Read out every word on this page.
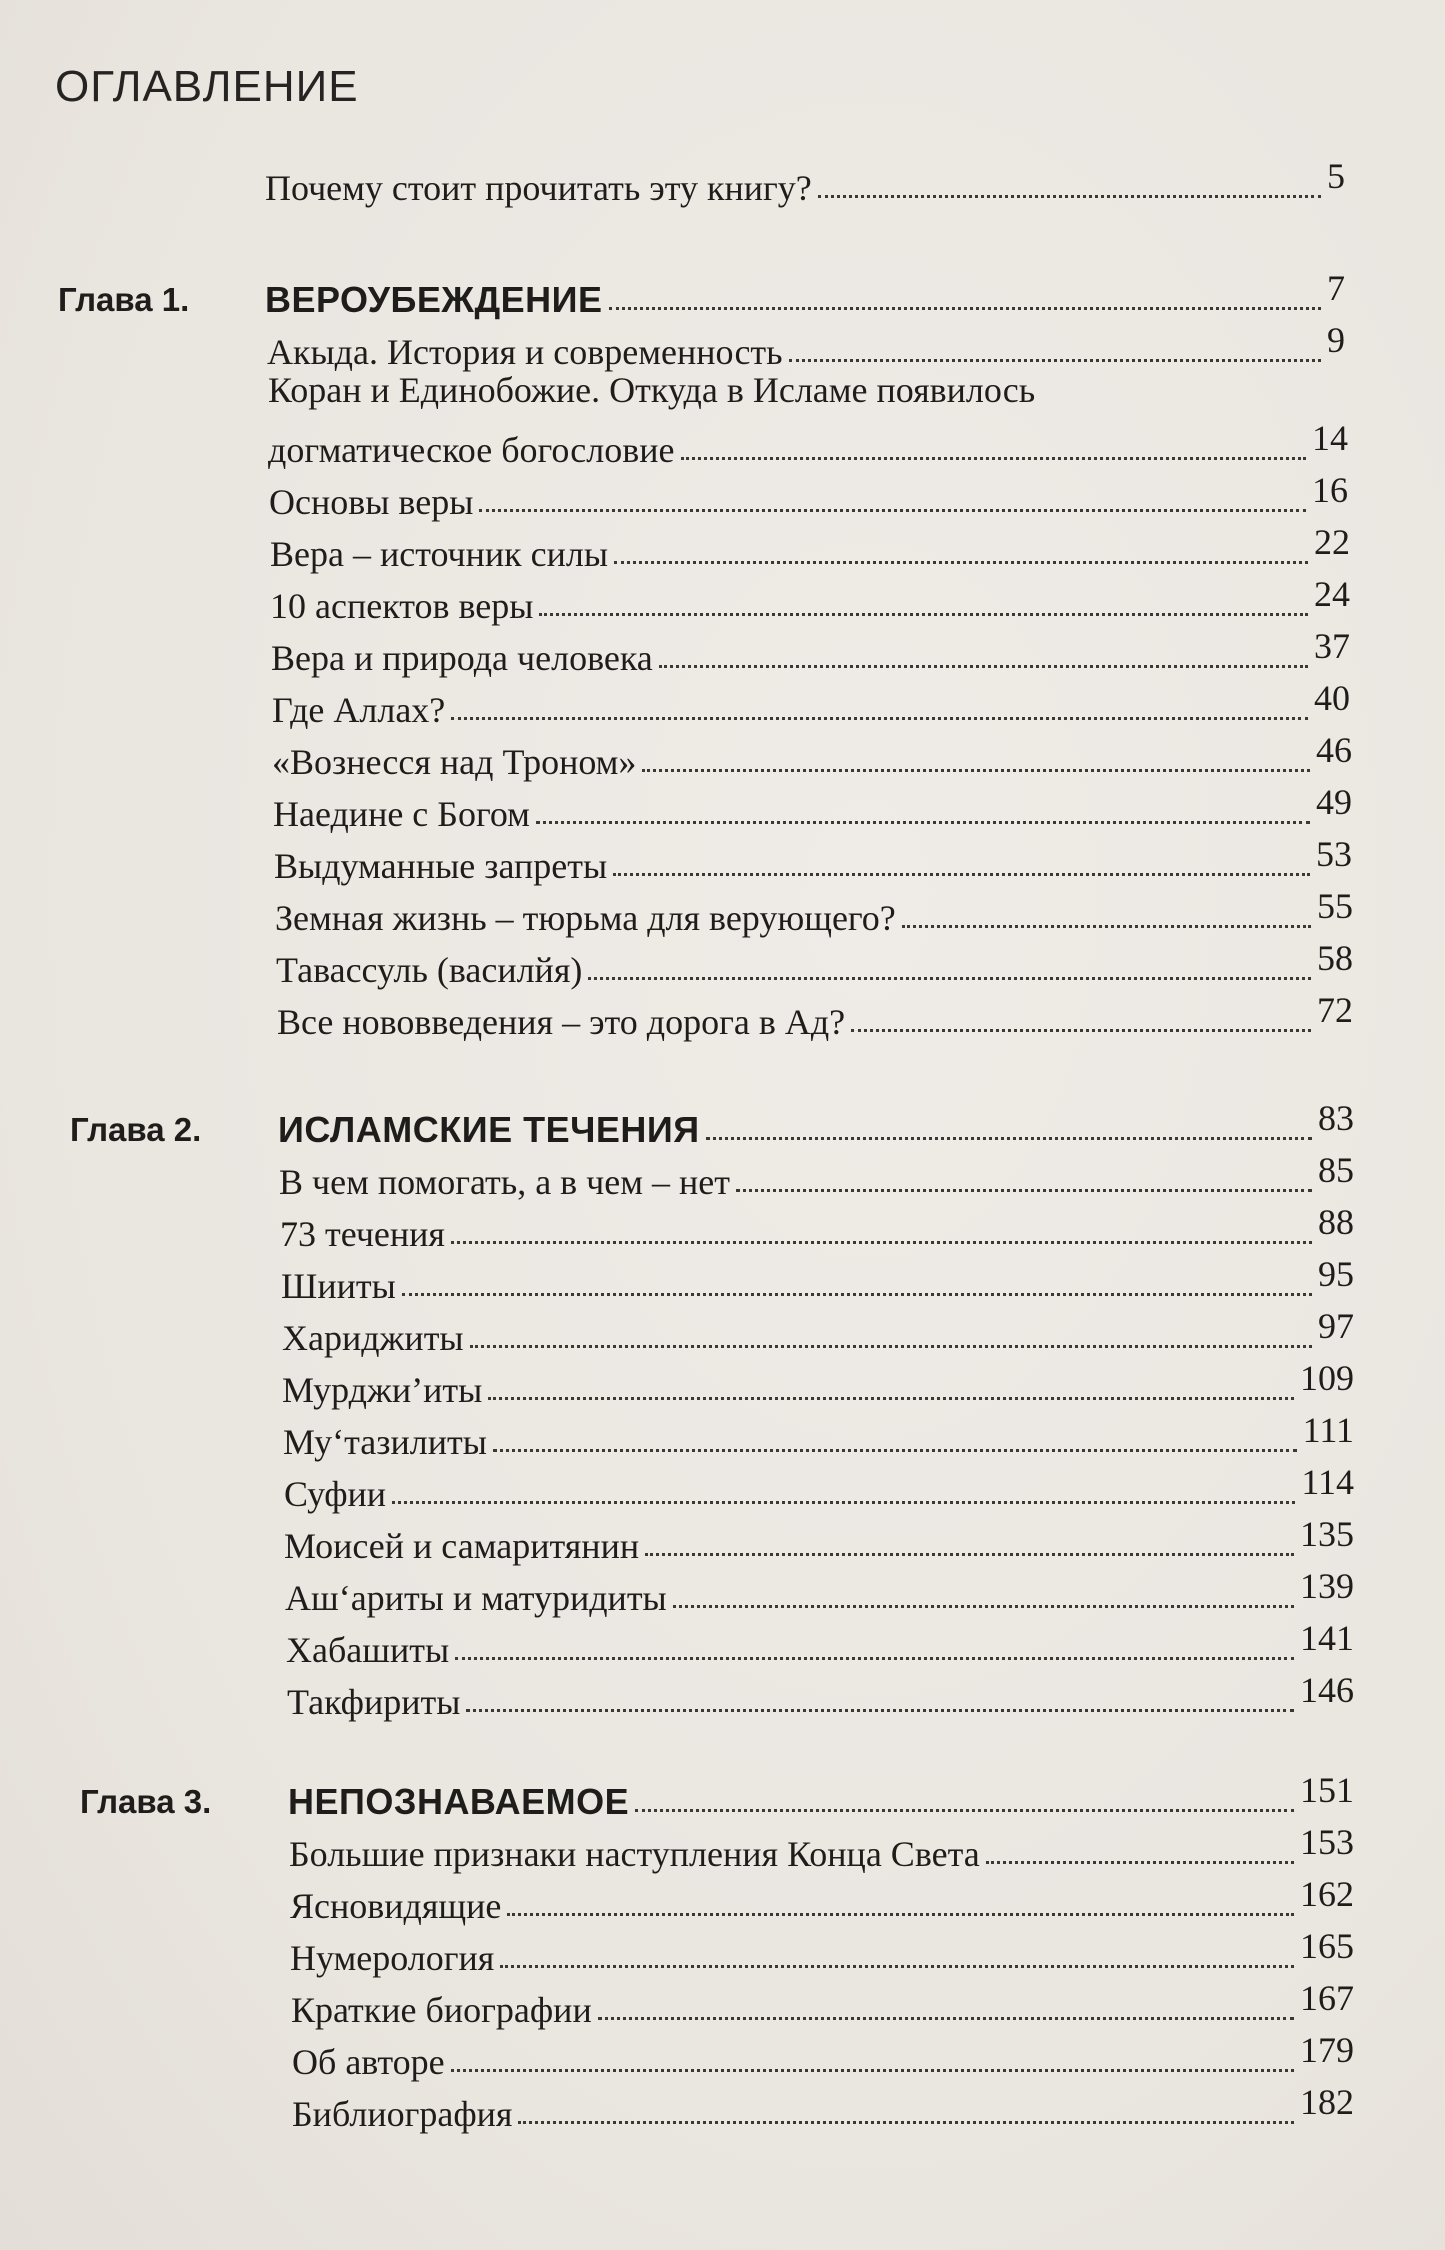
ОГЛАВЛЕНИЕ
Почему стоит прочитать эту книгу?	5
Глава 1. ВЕРОУБЕЖДЕНИЕ	7
Акыда. История и современность	9
Коран и Единобожие. Откуда в Исламе появилось
догматическое богословие	14
Основы веры	16
Вера – источник силы	22
10 аспектов веры	24
Вера и природа человека	37
Где Аллах?	40
«Вознесся над Троном»	46
Наедине с Богом	49
Выдуманные запреты	53
Земная жизнь – тюрьма для верующего?	55
Тавассуль (василйя)	58
Все нововведения – это дорога в Ад?	72
Глава 2. ИСЛАМСКИЕ ТЕЧЕНИЯ	83
В чем помогать, а в чем – нет	85
73 течения	88
Шииты	95
Хариджиты	97
Мурджи’иты	109
Му‘тазилиты	111
Суфии	114
Моисей и самаритянин	135
Аш‘ариты и матуридиты	139
Хабашиты	141
Такфириты	146
Глава 3. НЕПОЗНАВАЕМОЕ	151
Большие признаки наступления Конца Света	153
Ясновидящие	162
Нумерология	165
Краткие биографии	167
Об авторе	179
Библиография	182
